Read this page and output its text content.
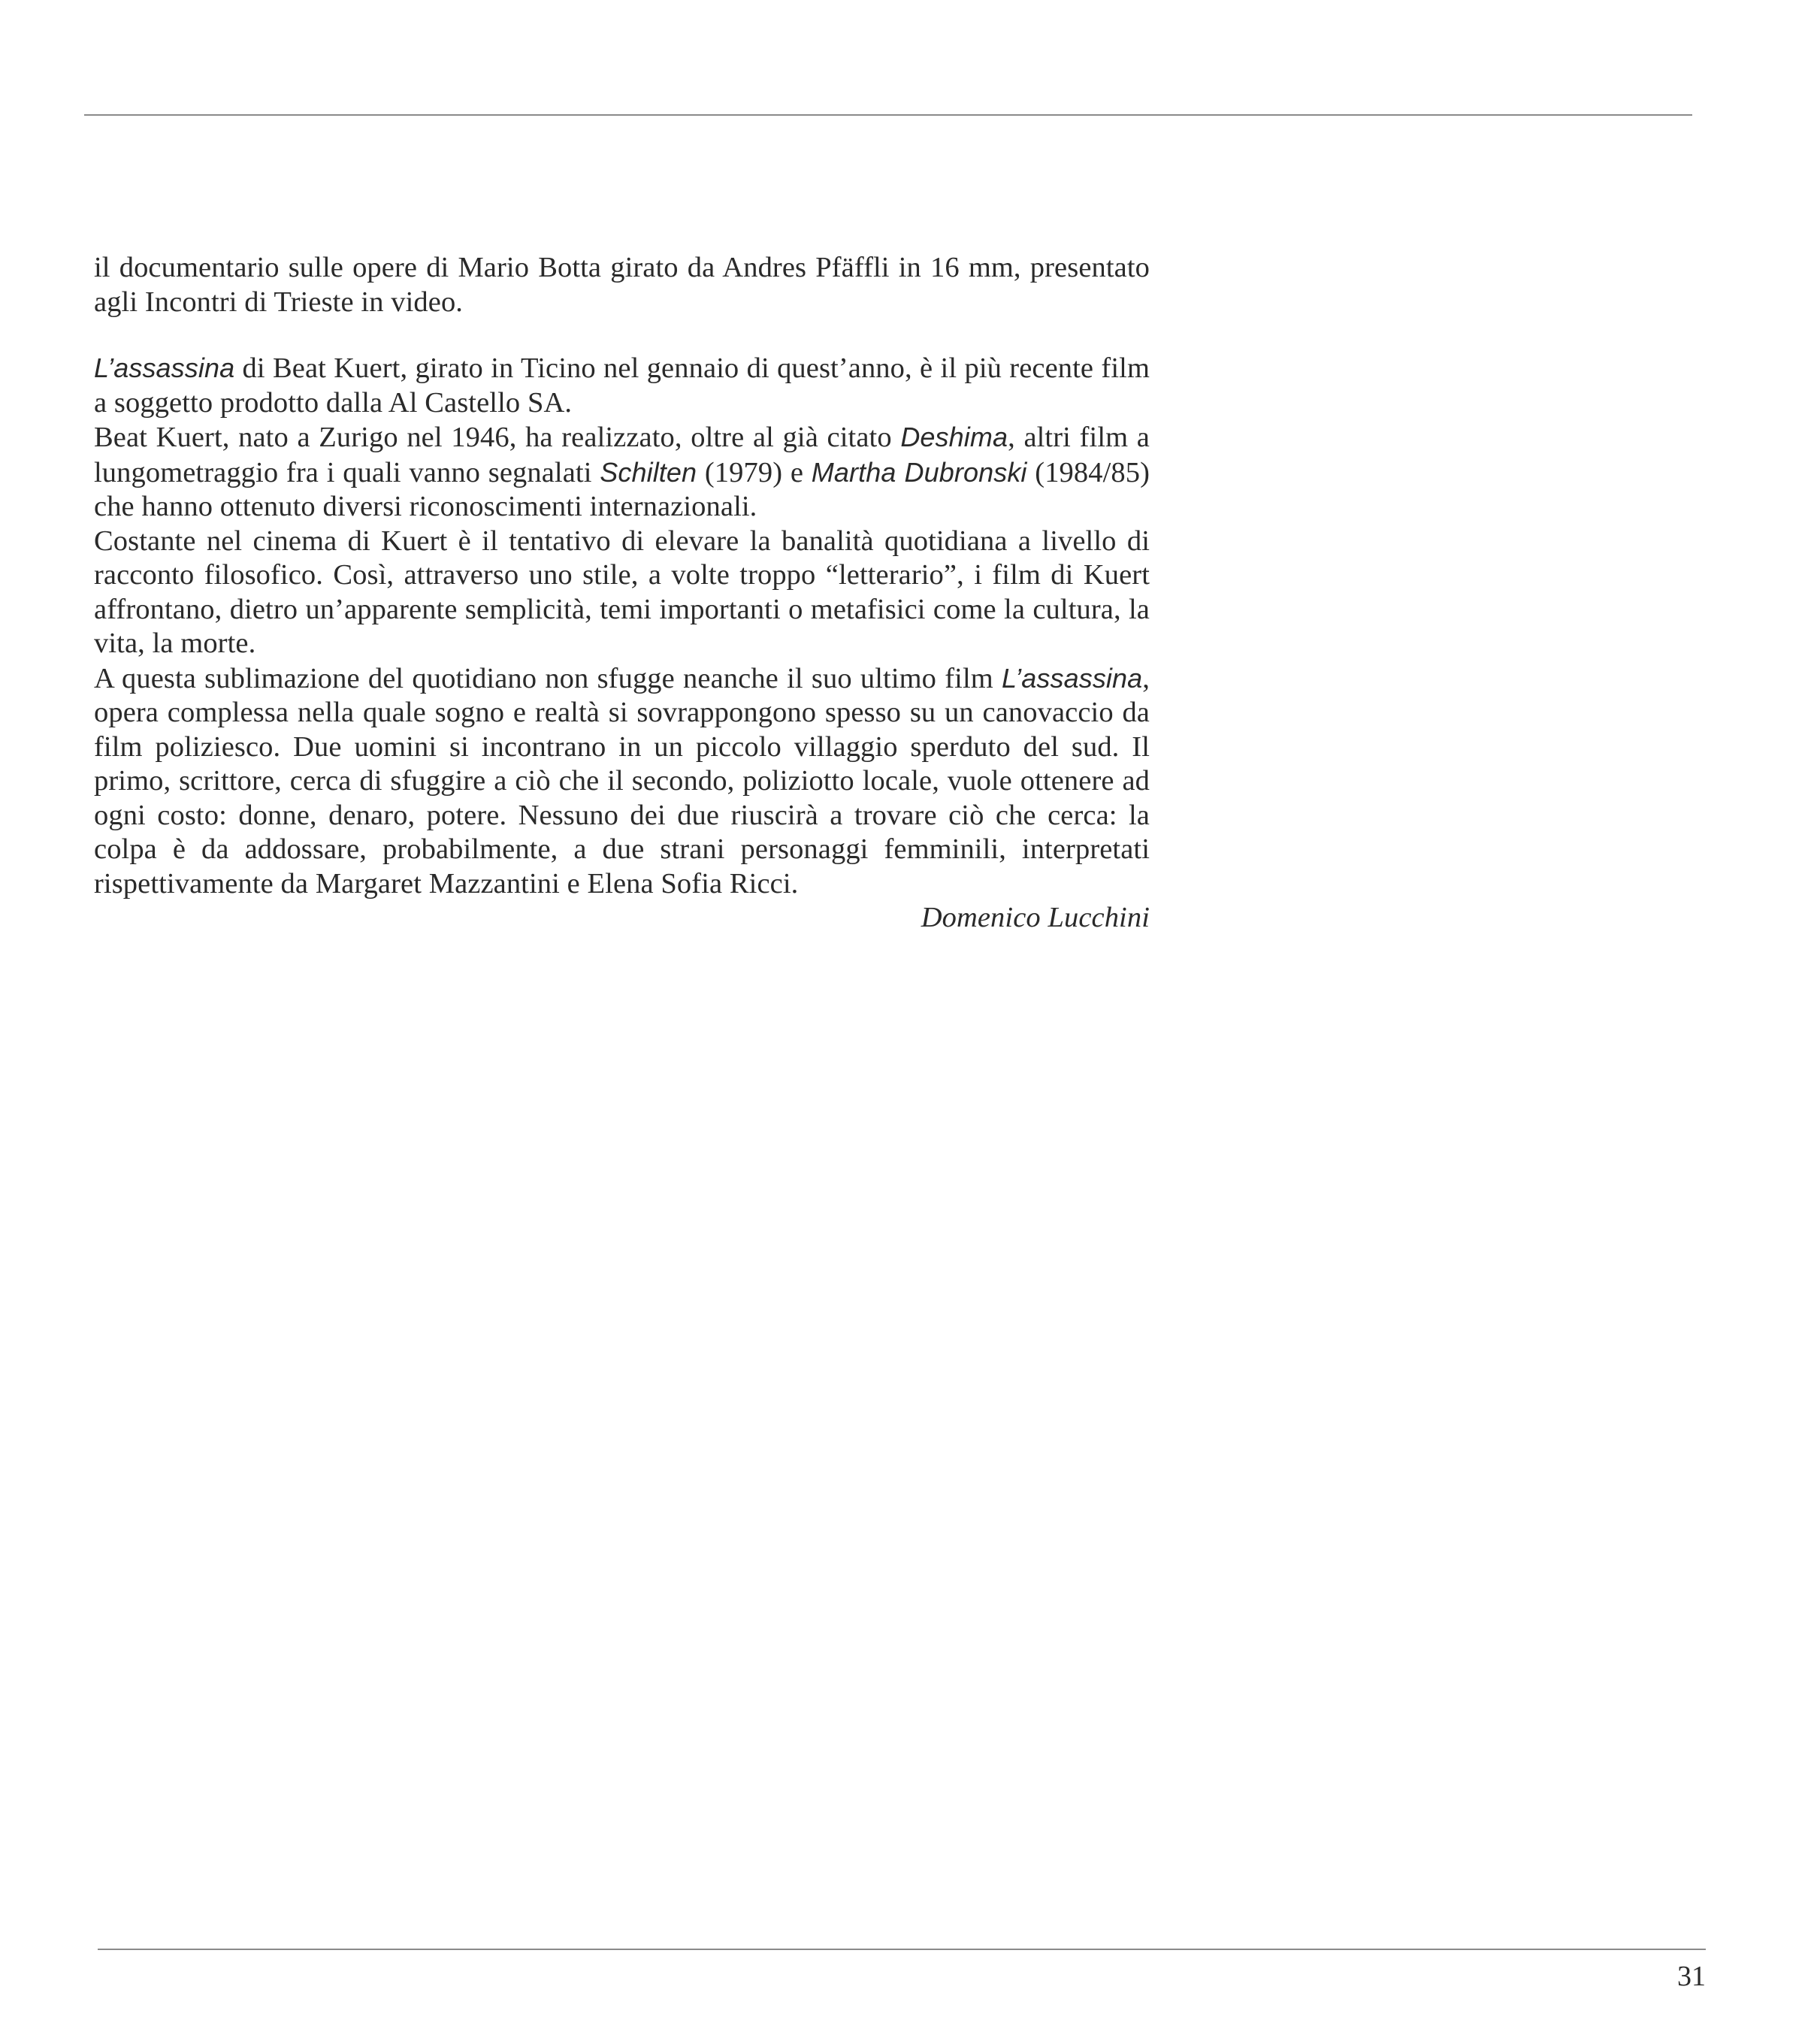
il documentario sulle opere di Mario Botta girato da Andres Pfäffli in 16 mm, presentato agli Incontri di Trieste in video.

L’assassina di Beat Kuert, girato in Ticino nel gennaio di quest’anno, è il più recente film a soggetto prodotto dalla Al Castello SA.

Beat Kuert, nato a Zurigo nel 1946, ha realizzato, oltre al già citato Deshima, altri film a lungometraggio fra i quali vanno segnalati Schilten (1979) e Martha Dubronski (1984/85) che hanno ottenuto diversi riconoscimenti internazionali.

Costante nel cinema di Kuert è il tentativo di elevare la banalità quotidiana a livello di racconto filosofico. Così, attraverso uno stile, a volte troppo “letterario”, i film di Kuert affrontano, dietro un’apparente semplicità, temi importanti o metafisici come la cultura, la vita, la morte.

A questa sublimazione del quotidiano non sfugge neanche il suo ultimo film L’assassina, opera complessa nella quale sogno e realtà si sovrappongono spesso su un canovaccio da film poliziesco. Due uomini si incontrano in un piccolo villaggio sperduto del sud. Il primo, scrittore, cerca di sfuggire a ciò che il secondo, poliziotto locale, vuole ottenere ad ogni costo: donne, denaro, potere. Nessuno dei due riuscirà a trovare ciò che cerca: la colpa è da addossare, probabilmente, a due strani personaggi femminili, interpretati rispettivamente da Margaret Mazzantini e Elena Sofia Ricci.

Domenico Lucchini

31
